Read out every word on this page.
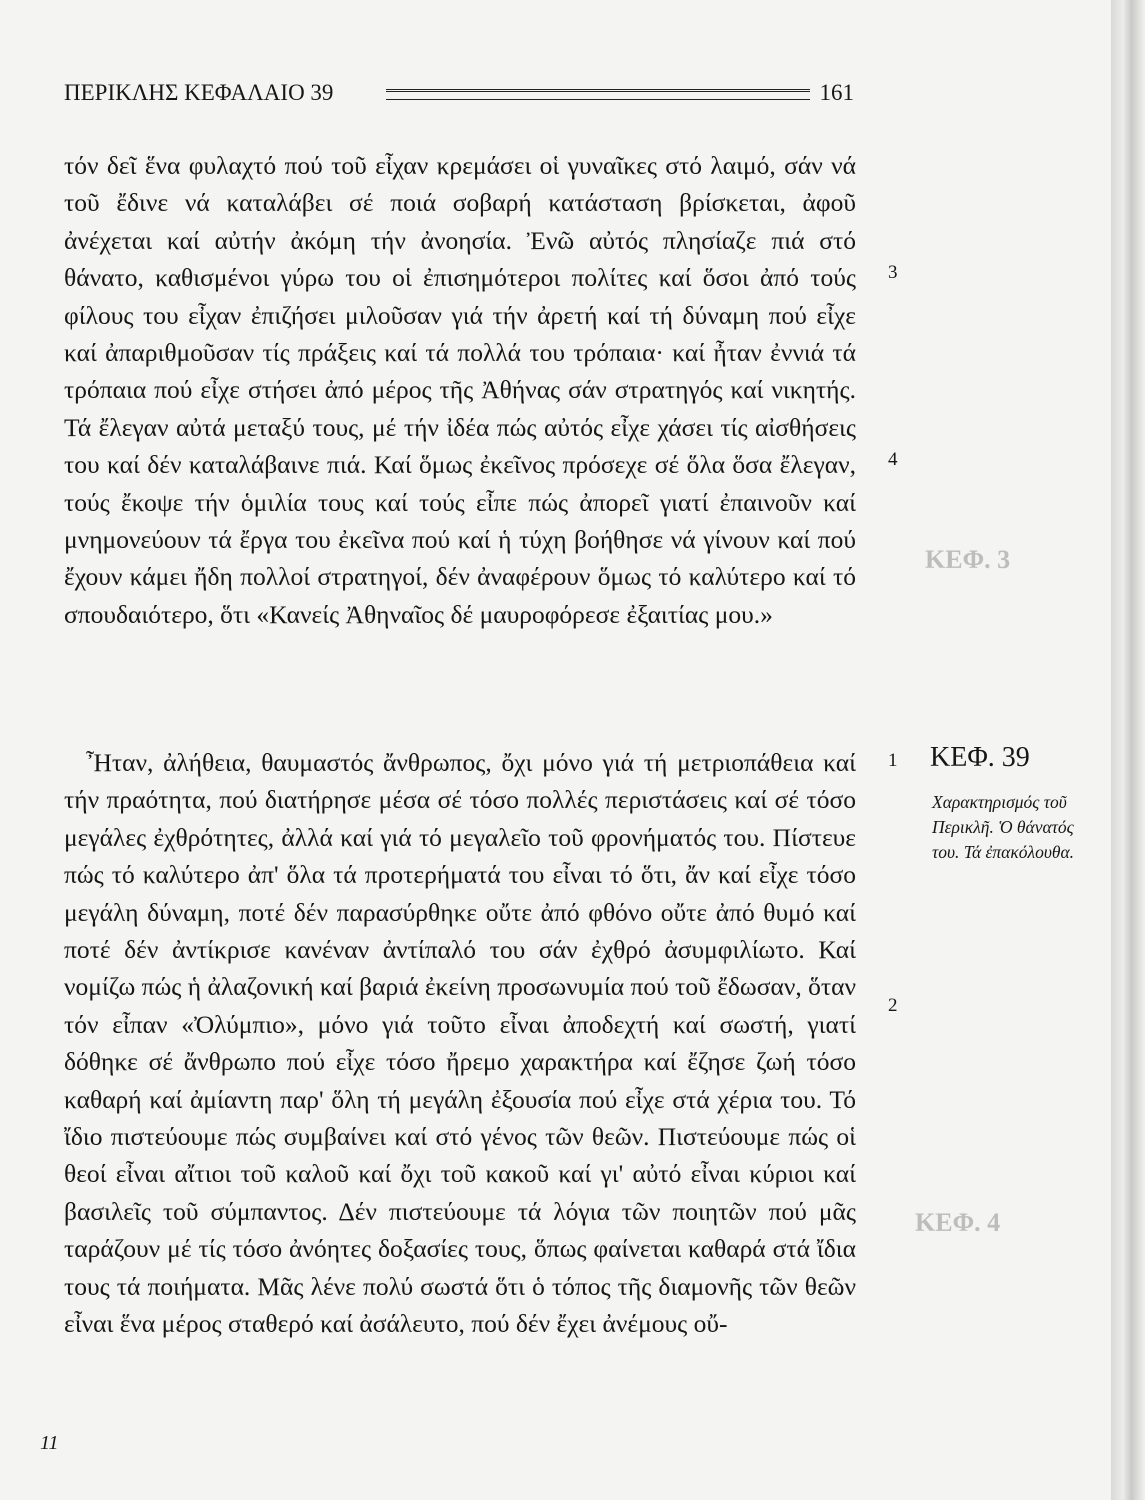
ΚΕΦ. 3
ΚΕΦ. 4
ΠΕΡΙΚΛΗΣ ΚΕΦΑΛΑΙΟ 39	161

τόν δεῖ ἕνα φυλαχτό πού τοῦ εἶχαν κρεμάσει οἱ γυναῖκες στό λαιμό, σάν νά τοῦ ἔδινε νά καταλάβει σέ ποιά σοβαρή κατάσταση βρίσκεται, ἀφοῦ ἀνέχεται καί αὐτήν ἀκόμη τήν ἀνοησία. Ἐνῶ αὐτός πλησίαζε πιά στό θάνατο, καθισμένοι γύρω του οἱ ἐπισημότεροι πολίτες καί ὅσοι ἀπό τούς φίλους του εἶχαν ἐπιζήσει μιλοῦσαν γιά τήν ἀρετή καί τή δύναμη πού εἶχε καί ἀπαριθμοῦσαν τίς πράξεις καί τά πολλά του τρόπαια· καί ἦταν ἐννιά τά τρόπαια πού εἶχε στήσει ἀπό μέρος τῆς Ἀθήνας σάν στρατηγός καί νικητής. Τά ἔλεγαν αὐτά μεταξύ τους, μέ τήν ἰδέα πώς αὐτός εἶχε χάσει τίς αἰσθήσεις του καί δέν καταλάβαινε πιά. Καί ὅμως ἐκεῖνος πρόσεχε σέ ὅλα ὅσα ἔλεγαν, τούς ἔκοψε τήν ὁμιλία τους καί τούς εἶπε πώς ἀπορεῖ γιατί ἐπαινοῦν καί μνημονεύουν τά ἔργα του ἐκεῖνα πού καί ἡ τύχη βοήθησε νά γίνουν καί πού ἔχουν κάμει ἤδη πολλοί στρατηγοί, δέν ἀναφέρουν ὅμως τό καλύτερο καί τό σπουδαιότερο, ὅτι «Κανείς Ἀθηναῖος δέ μαυροφόρεσε ἐξαιτίας μου.»

Ἦταν, ἀλήθεια, θαυμαστός ἄνθρωπος, ὄχι μόνο γιά τή μετριοπάθεια καί τήν πραότητα, πού διατήρησε μέσα σέ τόσο πολλές περιστάσεις καί σέ τόσο μεγάλες ἐχθρότητες, ἀλλά καί γιά τό μεγαλεῖο τοῦ φρονήματός του. Πίστευε πώς τό καλύτερο ἀπ' ὅλα τά προτερήματά του εἶναι τό ὅτι, ἄν καί εἶχε τόσο μεγάλη δύναμη, ποτέ δέν παρασύρθηκε οὔτε ἀπό φθόνο οὔτε ἀπό θυμό καί ποτέ δέν ἀντίκρισε κανέναν ἀντίπαλό του σάν ἐχθρό ἀσυμφιλίωτο. Καί νομίζω πώς ἡ ἀλαζονική καί βαριά ἐκείνη προσωνυμία πού τοῦ ἔδωσαν, ὅταν τόν εἶπαν «Ὀλύμπιο», μόνο γιά τοῦτο εἶναι ἀποδεχτή καί σωστή, γιατί δόθηκε σέ ἄνθρωπο πού εἶχε τόσο ἤρεμο χαρακτήρα καί ἔζησε ζωή τόσο καθαρή καί ἀμίαντη παρ' ὅλη τή μεγάλη ἐξουσία πού εἶχε στά χέρια του. Τό ἴδιο πιστεύουμε πώς συμβαίνει καί στό γένος τῶν θεῶν. Πιστεύουμε πώς οἱ θεοί εἶναι αἴτιοι τοῦ καλοῦ καί ὄχι τοῦ κακοῦ καί γι' αὐτό εἶναι κύριοι καί βασιλεῖς τοῦ σύμπαντος. Δέν πιστεύουμε τά λόγια τῶν ποιητῶν πού μᾶς ταράζουν μέ τίς τόσο ἀνόητες δοξασίες τους, ὅπως φαίνεται καθαρά στά ἴδια τους τά ποιήματα. Μᾶς λένε πολύ σωστά ὅτι ὁ τόπος τῆς διαμονῆς τῶν θεῶν εἶναι ἕνα μέρος σταθερό καί ἀσάλευτο, πού δέν ἔχει ἀνέμους οὔ-

3
4
1
2
ΚΕΦ. 39

Χαρακτηρισμός τοῦ Περικλῆ. Ὁ θάνατός του. Τά ἐπακόλουθα.

11
